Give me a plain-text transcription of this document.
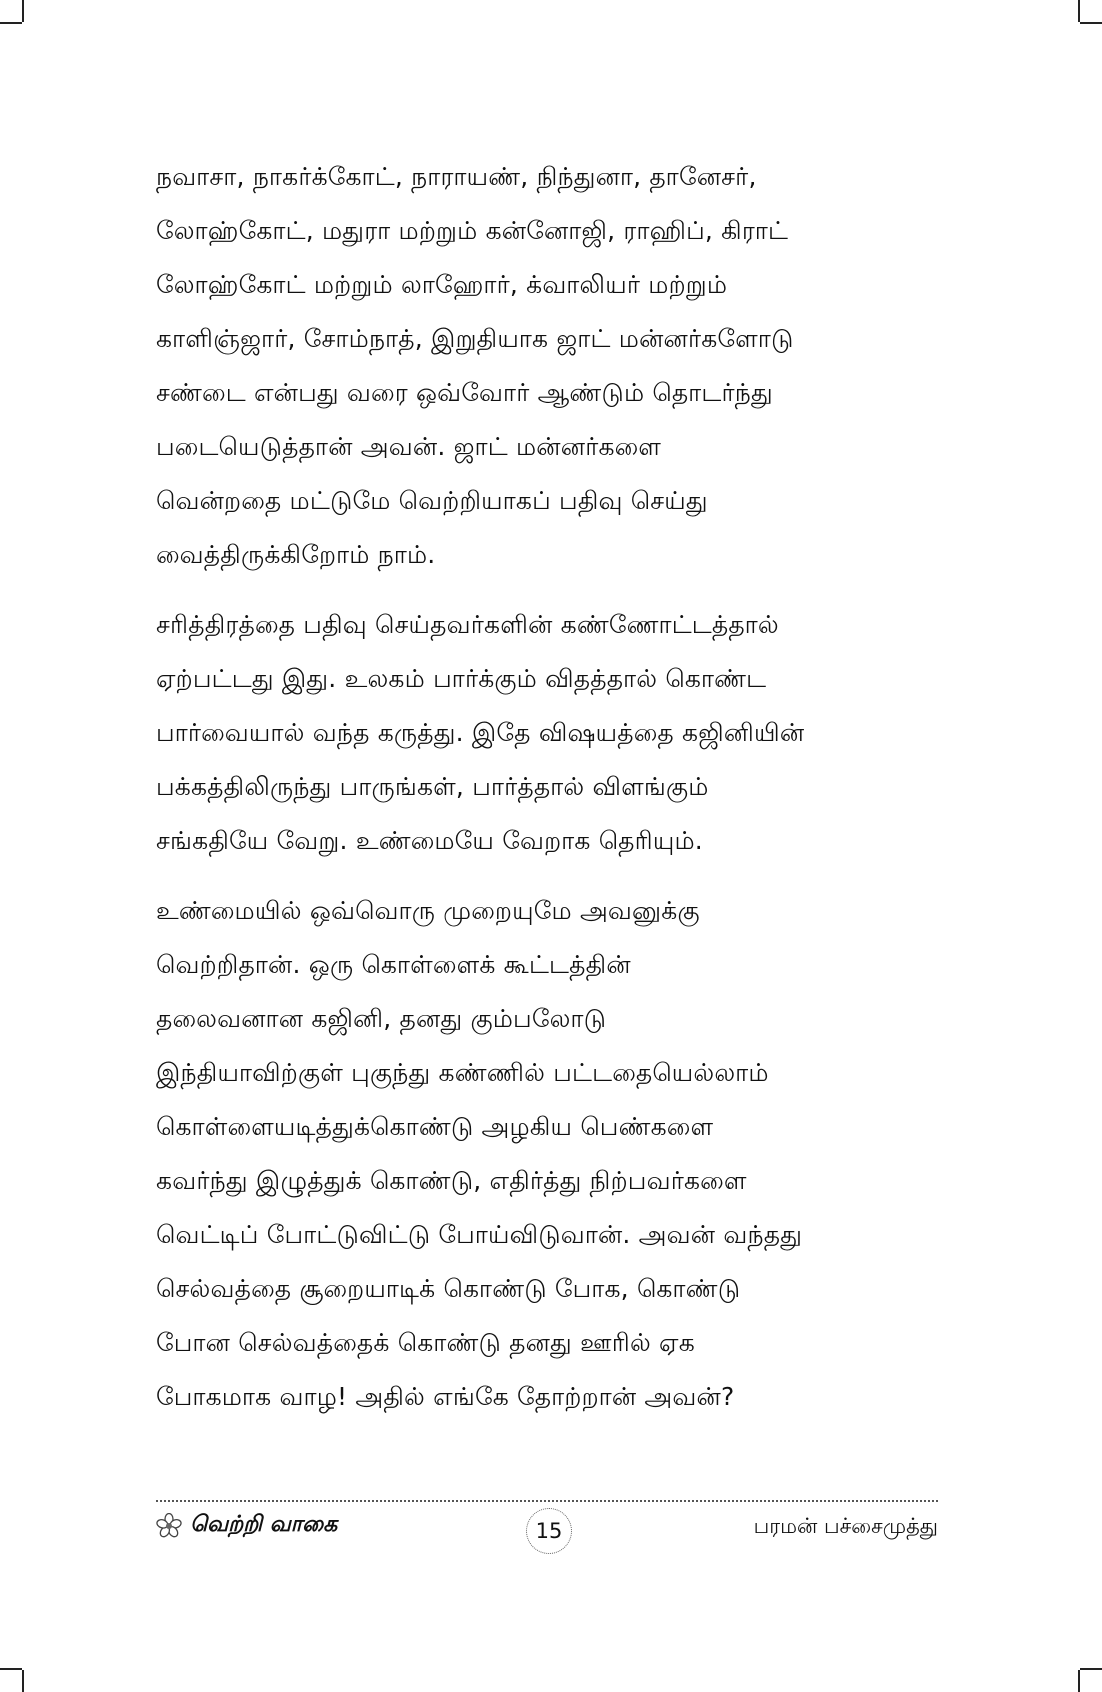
நவாசா, நாகர்க்கோட், நாராயண், நிந்துனா, தானேசர்,
லோஹ்கோட், மதுரா மற்றும் கன்னோஜி, ராஹிப், கிராட்
லோஹ்கோட் மற்றும் லாஹோர், க்வாலியர் மற்றும்
காளிஞ்ஜார், சோம்நாத், இறுதியாக ஜாட் மன்னர்களோடு
சண்டை என்பது வரை ஒவ்வோர் ஆண்டும் தொடர்ந்து
படையெடுத்தான் அவன். ஜாட் மன்னர்களை
வென்றதை மட்டுமே வெற்றியாகப் பதிவு செய்து
வைத்திருக்கிறோம் நாம்.

சரித்திரத்தை பதிவு செய்தவர்களின் கண்ணோட்டத்தால்
ஏற்பட்டது இது. உலகம் பார்க்கும் விதத்தால் கொண்ட
பார்வையால் வந்த கருத்து. இதே விஷயத்தை கஜினியின்
பக்கத்திலிருந்து பாருங்கள், பார்த்தால் விளங்கும்
சங்கதியே வேறு. உண்மையே வேறாக தெரியும்.

உண்மையில் ஒவ்வொரு முறையுமே அவனுக்கு
வெற்றிதான். ஒரு கொள்ளைக் கூட்டத்தின்
தலைவனான கஜினி, தனது கும்பலோடு
இந்தியாவிற்குள் புகுந்து கண்ணில் பட்டதையெல்லாம்
கொள்ளையடித்துக்கொண்டு அழகிய பெண்களை
கவர்ந்து இழுத்துக் கொண்டு, எதிர்த்து நிற்பவர்களை
வெட்டிப் போட்டுவிட்டு போய்விடுவான். அவன் வந்தது
செல்வத்தை சூறையாடிக் கொண்டு போக, கொண்டு
போன செல்வத்தைக் கொண்டு தனது ஊரில் ஏக
போகமாக வாழ! அதில் எங்கே தோற்றான் அவன்?

வெற்றி வாகை	15	பரமன் பச்சைமுத்து
